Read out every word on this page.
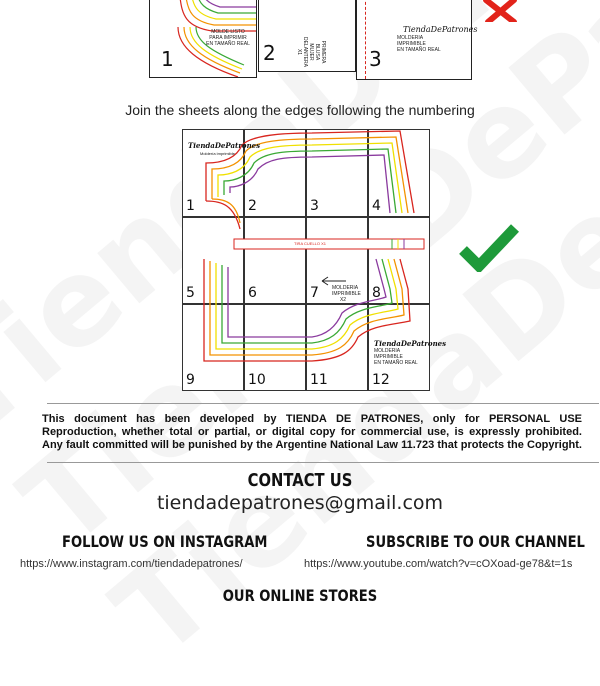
MOLDE LISTO
PARA IMPRIMIR
EN TAMAÑO REAL
1	PRIMERA
BLUSA
MUJER
DELANTERA
X1
2
TiendaDePatrones
MOLDERIA
IMPRIMIBLE
EN TAMAÑO REAL
3
Join the sheets along the edges following the numbering
1	2	3	4
5	6	7	8
9	10	11	12
TiendaDePatrones
Moldería imprimible
TIRA CUELLO X1
MOLDERIA
IMPRIMIBLE
X2
TiendaDePatrones
MOLDERIA
IMPRIMIBLE
EN TAMAÑO REAL
This document has been developed by TIENDA DE PATRONES, only for PERSONAL USE
Reproduction, whether total or partial, or digital copy for commercial use, is expressly prohibited.
Any fault committed will be punished by the Argentine National Law 11.723 that protects the Copyright.
CONTACT US
tiendadepatrones@gmail.com
FOLLOW US ON INSTAGRAM
https://www.instagram.com/tiendadepatrones/
SUBSCRIBE TO OUR CHANNEL
https://www.youtube.com/watch?v=cOXoad-ge78&t=1s
OUR ONLINE STORES
